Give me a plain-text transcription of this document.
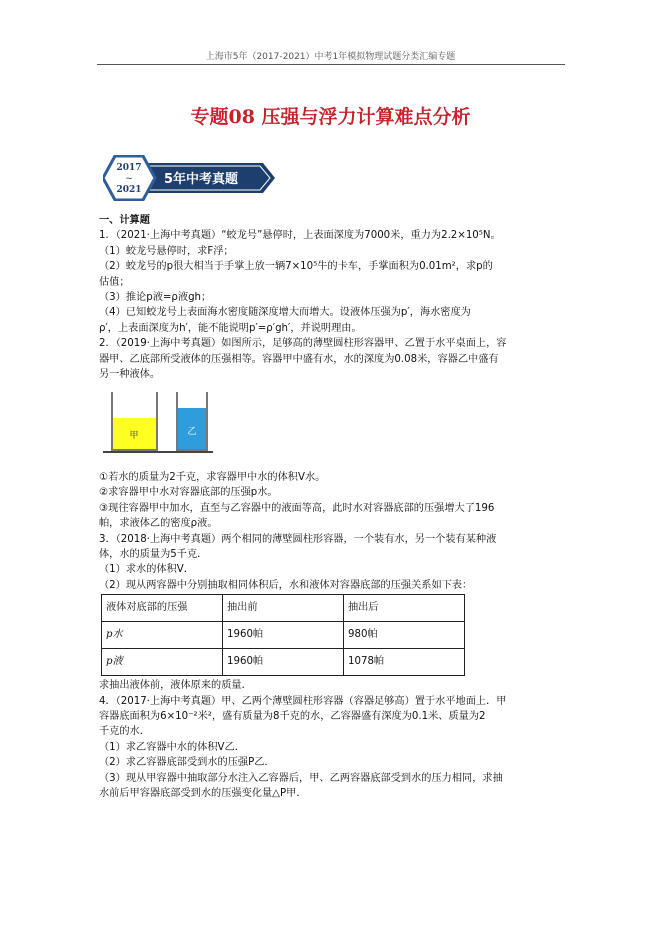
上海市5年（2017-2021）中考1年模拟物理试题分类汇编专题
专题08 压强与浮力计算难点分析
2017
~
2021
5年中考真题

一、计算题

1．（2021·上海中考真题）“蛟龙号”悬停时，上表面深度为7000米，重力为2.2×10⁵N。

（1）蛟龙号悬停时，求F浮；

（2）蛟龙号的p很大相当于手掌上放一辆7×10⁵牛的卡车，手掌面积为0.01m²，求p的

估值；

（3）推论p液=ρ液gh；

（4）已知蛟龙号上表面海水密度随深度增大而增大。设液体压强为p′，海水密度为

ρ′，上表面深度为h′，能不能说明p′=ρ′gh′，并说明理由。

2．（2019·上海中考真题）如图所示，足够高的薄壁圆柱形容器甲、乙置于水平桌面上，容

器甲、乙底部所受液体的压强相等。容器甲中盛有水，水的深度为0.08米，容器乙中盛有

另一种液体。

甲	乙

①若水的质量为2千克，求容器甲中水的体积V水。

②求容器甲中水对容器底部的压强p水。

③现往容器甲中加水，直至与乙容器中的液面等高，此时水对容器底部的压强增大了196

帕，求液体乙的密度ρ液。

3．（2018·上海中考真题）两个相同的薄壁圆柱形容器，一个装有水，另一个装有某种液

体，水的质量为5千克．

（1）求水的体积V．

（2）现从两容器中分别抽取相同体积后，水和液体对容器底部的压强关系如下表：

液体对底部的压强	抽出前	抽出后
p水	1960帕	980帕
p液	1960帕	1078帕

求抽出液体前，液体原来的质量．

4．（2017·上海中考真题）甲、乙两个薄壁圆柱形容器（容器足够高）置于水平地面上．甲

容器底面积为6×10⁻²米²，盛有质量为8千克的水，乙容器盛有深度为0.1米、质量为2

千克的水．

（1）求乙容器中水的体积V乙．

（2）求乙容器底部受到水的压强P乙．

（3）现从甲容器中抽取部分水注入乙容器后，甲、乙两容器底部受到水的压力相同，求抽

水前后甲容器底部受到水的压强变化量△P甲．
